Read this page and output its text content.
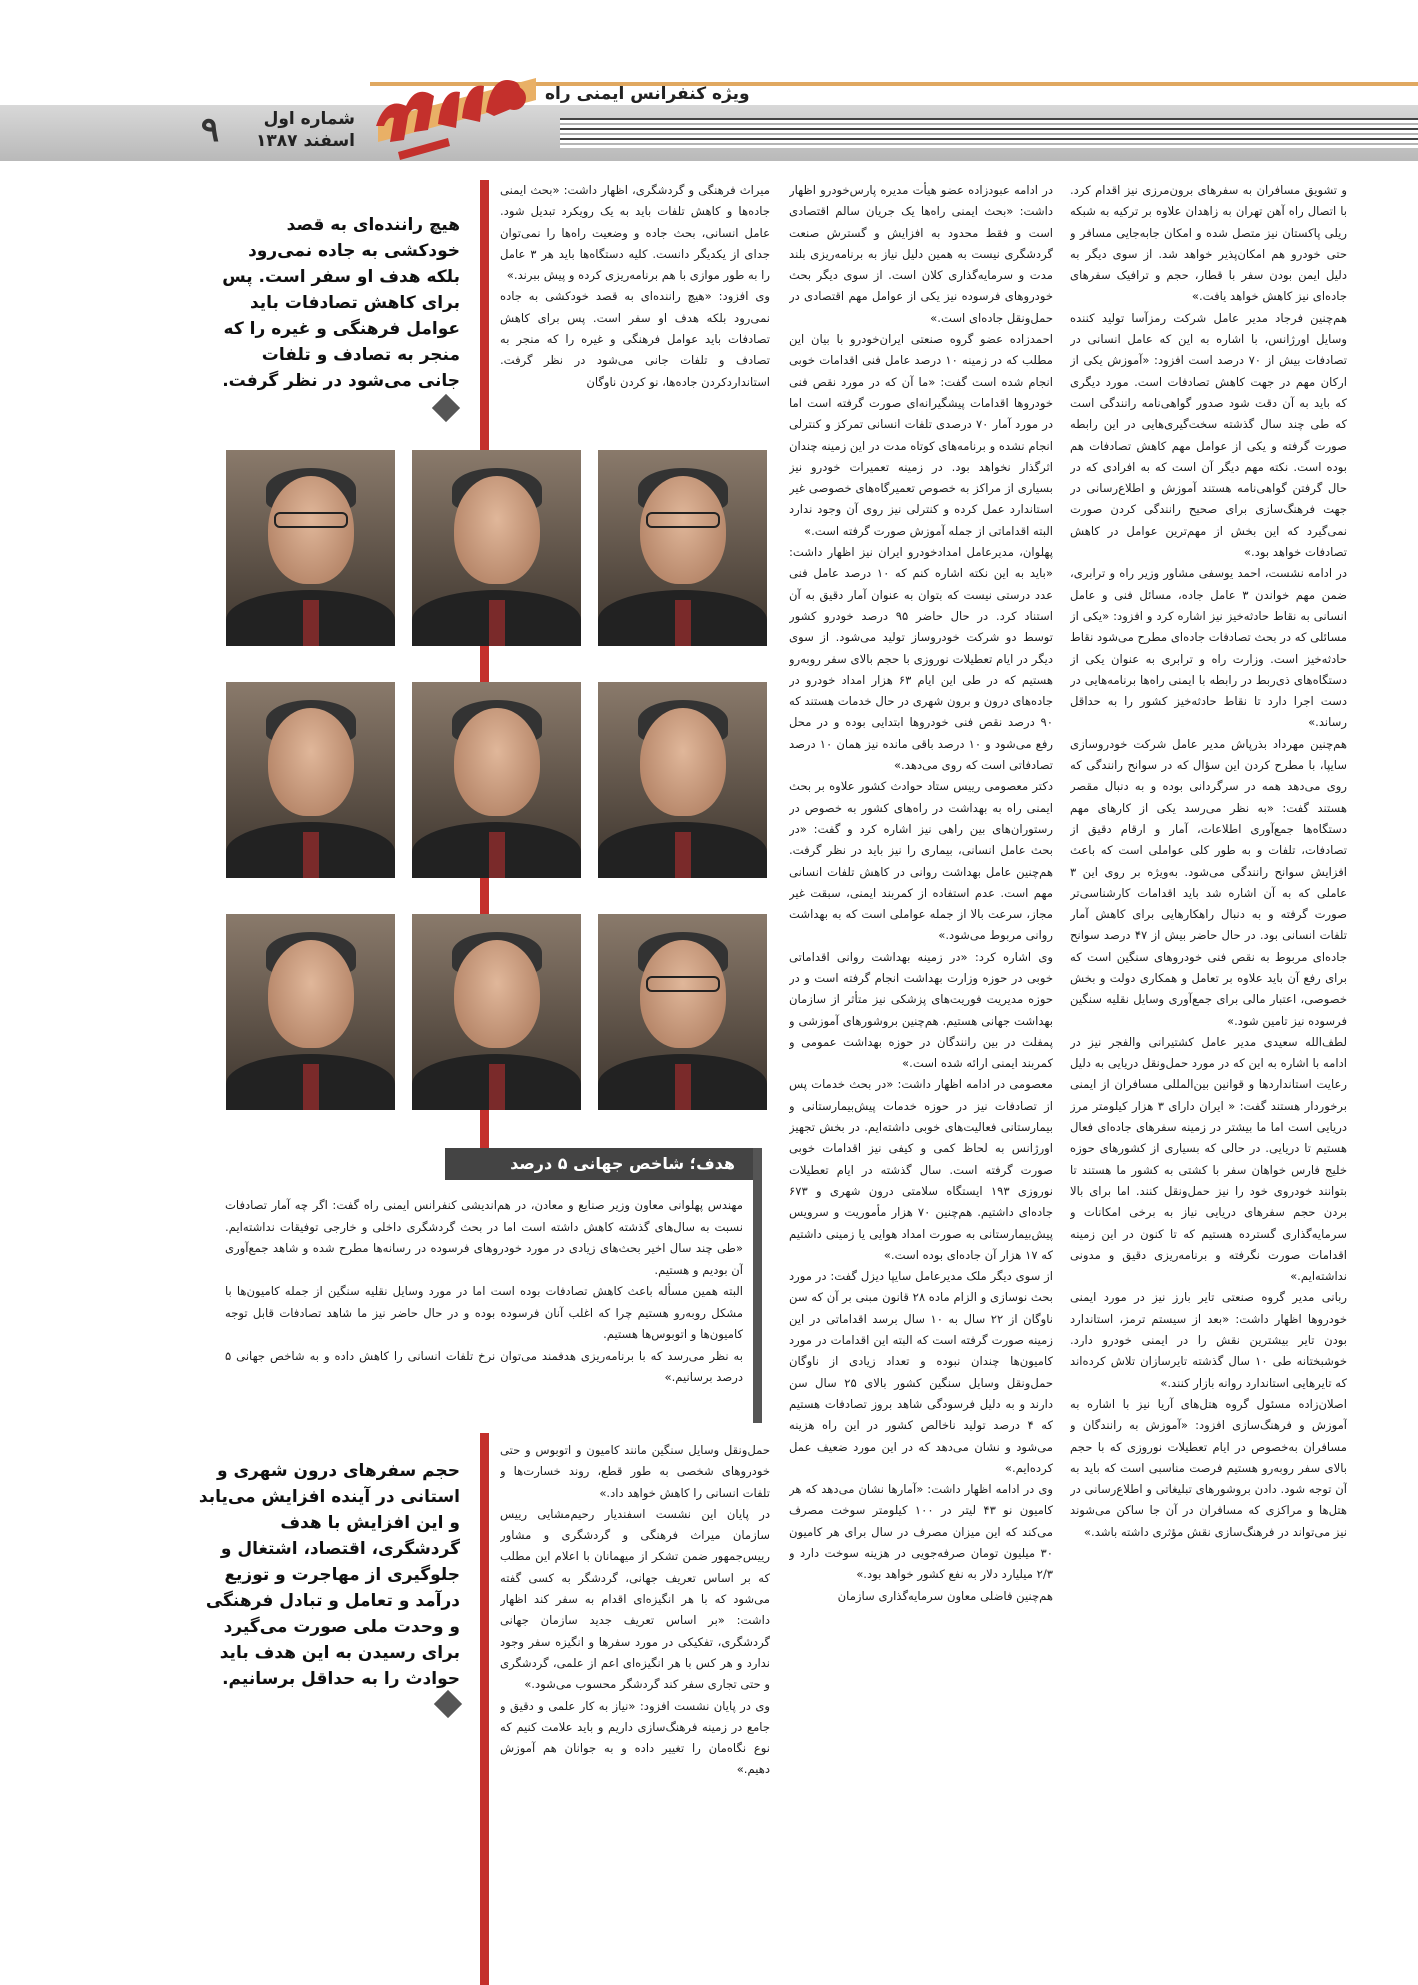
۹	شماره اول
اسفند ۱۳۸۷
ویژه کنفرانس ایمنی راه

و تشویق مسافران به سفرهای برون‌مرزی نیز اقدام کرد. با اتصال راه آهن تهران به زاهدان علاوه بر ترکیه به شبکه ریلی پاکستان نیز متصل شده و امکان جابه‌جایی مسافر و حتی خودرو هم امکان‌پذیر خواهد شد. از سوی دیگر به دلیل ایمن بودن سفر با قطار، حجم و ترافیک سفرهای جاده‌ای نیز کاهش خواهد یافت.»

هم‌چنین فرجاد مدیر عامل شرکت رمزآسا تولید کننده وسایل اورژانس، با اشاره به این که عامل انسانی در تصادفات بیش از ۷۰ درصد است افزود: «آموزش یکی از ارکان مهم در جهت کاهش تصادفات است. مورد دیگری که باید به آن دقت شود صدور گواهی‌نامه رانندگی است که طی چند سال گذشته سخت‌گیری‌هایی در این رابطه صورت گرفته و یکی از عوامل مهم کاهش تصادفات هم بوده است. نکته مهم دیگر آن است که به افرادی که در حال گرفتن گواهی‌نامه هستند آموزش و اطلاع‌رسانی در جهت فرهنگ‌سازی برای صحیح رانندگی کردن صورت نمی‌گیرد که این بخش از مهم‌ترین عوامل در کاهش تصادفات خواهد بود.»

در ادامه نشست، احمد یوسفی مشاور وزیر راه و ترابری، ضمن مهم خواندن ۳ عامل جاده، مسائل فنی و عامل انسانی به نقاط حادثه‌خیز نیز اشاره کرد و افزود: «یکی از مسائلی که در بحث تصادفات جاده‌ای مطرح می‌شود نقاط حادثه‌خیز است. وزارت راه و ترابری به عنوان یکی از دستگاه‌های ذی‌ربط در رابطه با ایمنی راه‌ها برنامه‌هایی در دست اجرا دارد تا نقاط حادثه‌خیز کشور را به حداقل رساند.»

هم‌چنین مهرداد بذرپاش مدیر عامل شرکت خودروسازی سایپا، با مطرح کردن این سؤال که در سوانح رانندگی که روی می‌دهد همه در سرگردانی بوده و به دنبال مقصر هستند گفت: «به نظر می‌رسد یکی از کارهای مهم دستگاه‌ها جمع‌آوری اطلاعات، آمار و ارقام دقیق از تصادفات، تلفات و به طور کلی عواملی است که باعث افزایش سوانح رانندگی می‌شود. به‌ویژه بر روی این ۳ عاملی که به آن اشاره شد باید اقدامات کارشناسی‌تر صورت گرفته و به دنبال راهکارهایی برای کاهش آمار تلفات انسانی بود. در حال حاضر بیش از ۴۷ درصد سوانح جاده‌ای مربوط به نقص فنی خودروهای سنگین است که برای رفع آن باید علاوه بر تعامل و همکاری دولت و بخش خصوصی، اعتبار مالی برای جمع‌آوری وسایل نقلیه سنگین فرسوده نیز تامین شود.»

لطف‌الله سعیدی مدیر عامل کشتیرانی والفجر نیز در ادامه با اشاره به این که در مورد حمل‌ونقل دریایی به دلیل رعایت استانداردها و قوانین بین‌المللی مسافران از ایمنی برخوردار هستند گفت: « ایران دارای ۳ هزار کیلومتر مرز دریایی است اما ما بیشتر در زمینه سفرهای جاده‌ای فعال هستیم تا دریایی. در حالی که بسیاری از کشورهای حوزه خلیج فارس خواهان سفر با کشتی به کشور ما هستند تا بتوانند خودروی خود را نیز حمل‌ونقل کنند. اما برای بالا بردن حجم سفرهای دریایی نیاز به برخی امکانات و سرمایه‌گذاری گسترده هستیم که تا کنون در این زمینه اقدامات صورت نگرفته و برنامه‌ریزی دقیق و مدونی نداشته‌ایم.»

ربانی مدیر گروه صنعتی تایر بارز نیز در مورد ایمنی خودروها اظهار داشت: «بعد از سیستم ترمز، استاندارد بودن تایر بیشترین نقش را در ایمنی خودرو دارد. خوشبختانه طی ۱۰ سال گذشته تایرسازان تلاش کرده‌اند که تایرهایی استاندارد روانه بازار کنند.»

اصلان‌زاده مسئول گروه هتل‌های آریا نیز با اشاره به آموزش و فرهنگ‌سازی افزود: «آموزش به رانندگان و مسافران به‌خصوص در ایام تعطیلات نوروزی که با حجم بالای سفر روبه‌رو هستیم فرصت مناسبی است که باید به آن توجه شود. دادن بروشورهای تبلیغاتی و اطلاع‌رسانی در هتل‌ها و مراکزی که مسافران در آن جا ساکن می‌شوند نیز می‌تواند در فرهنگ‌سازی نقش مؤثری داشته باشد.»

در ادامه عبودزاده عضو هیأت مدیره پارس‌خودرو اظهار داشت: «بحث ایمنی راه‌ها یک جریان سالم اقتصادی است و فقط محدود به افزایش و گسترش صنعت گردشگری نیست به همین دلیل نیاز به برنامه‌ریزی بلند مدت و سرمایه‌گذاری کلان است. از سوی دیگر بحث خودروهای فرسوده نیز یکی از عوامل مهم اقتصادی در حمل‌ونقل جاده‌ای است.»

احمدزاده عضو گروه صنعتی ایران‌خودرو با بیان این مطلب که در زمینه ۱۰ درصد عامل فنی اقدامات خوبی انجام شده است گفت: «ما آن که در مورد نقص فنی خودروها اقدامات پیشگیرانه‌ای صورت گرفته است اما در مورد آمار ۷۰ درصدی تلفات انسانی تمرکز و کنترلی انجام نشده و برنامه‌های کوتاه مدت در این زمینه چندان اثرگذار نخواهد بود. در زمینه تعمیرات خودرو نیز بسیاری از مراکز به خصوص تعمیرگاه‌های خصوصی غیر استاندارد عمل کرده و کنترلی نیز روی آن وجود ندارد البته اقداماتی از جمله آموزش صورت گرفته است.»

پهلوان، مدیرعامل امدادخودرو ایران نیز اظهار داشت: «باید به این نکته اشاره کنم که ۱۰ درصد عامل فنی عدد درستی نیست که بتوان به عنوان آمار دقیق به آن استناد کرد. در حال حاضر ۹۵ درصد خودرو کشور توسط دو شرکت خودروساز تولید می‌شود. از سوی دیگر در ایام تعطیلات نوروزی با حجم بالای سفر روبه‌رو هستیم که در طی این ایام ۶۳ هزار امداد خودرو در جاده‌های درون و برون شهری در حال خدمات هستند که ۹۰ درصد نقص فنی خودروها ابتدایی بوده و در محل رفع می‌شود و ۱۰ درصد باقی مانده نیز همان ۱۰ درصد تصادفاتی است که روی می‌دهد.»

دکتر معصومی رییس ستاد حوادث کشور علاوه بر بحث ایمنی راه به بهداشت در راه‌های کشور به خصوص در رستوران‌های بین راهی نیز اشاره کرد و گفت: «در بحث عامل انسانی، بیماری را نیز باید در نظر گرفت. هم‌چنین عامل بهداشت روانی در کاهش تلفات انسانی مهم است. عدم استفاده از کمربند ایمنی، سبقت غیر مجاز، سرعت بالا از جمله عواملی است که به بهداشت روانی مربوط می‌شود.»

وی اشاره کرد: «در زمینه بهداشت روانی اقداماتی خوبی در حوزه وزارت بهداشت انجام گرفته است و در حوزه مدیریت فوریت‌های پزشکی نیز متأثر از سازمان بهداشت جهانی هستیم. هم‌چنین بروشورهای آموزشی و پمفلت در بین رانندگان در حوزه بهداشت عمومی و کمربند ایمنی ارائه شده است.»

معصومی در ادامه اظهار داشت: «در بحث خدمات پس از تصادفات نیز در حوزه خدمات پیش‌بیمارستانی و بیمارستانی فعالیت‌های خوبی داشته‌ایم. در بخش تجهیز اورژانس به لحاظ کمی و کیفی نیز اقدامات خوبی صورت گرفته است. سال گذشته در ایام تعطیلات نوروزی ۱۹۳ ایستگاه سلامتی درون شهری و ۶۷۳ جاده‌ای داشتیم. هم‌چنین ۷۰ هزار مأموریت و سرویس پیش‌بیمارستانی به صورت امداد هوایی یا زمینی داشتیم که ۱۷ هزار آن جاده‌ای بوده است.»

از سوی دیگر ملک مدیرعامل سایپا دیزل گفت: در مورد بحث نوسازی و الزام ماده ۲۸ قانون مبنی بر آن که سن ناوگان از ۲۲ سال به ۱۰ سال برسد اقداماتی در این زمینه صورت گرفته است که البته این اقدامات در مورد کامیون‌ها چندان نبوده و تعداد زیادی از ناوگان حمل‌ونقل وسایل سنگین کشور بالای ۲۵ سال سن دارند و به دلیل فرسودگی شاهد بروز تصادفات هستیم که ۴ درصد تولید ناخالص کشور در این راه هزینه می‌شود و نشان می‌دهد که در این مورد ضعیف عمل کرده‌ایم.»

وی در ادامه اظهار داشت: «آمارها نشان می‌دهد که هر کامیون نو ۴۳ لیتر در ۱۰۰ کیلومتر سوخت مصرف می‌کند که این میزان مصرف در سال برای هر کامیون ۳۰ میلیون تومان صرفه‌جویی در هزینه سوخت دارد و ۲/۳ میلیارد دلار به نفع کشور خواهد بود.»

هم‌چنین فاضلی معاون سرمایه‌گذاری سازمان

میراث فرهنگی و گردشگری، اظهار داشت: «بحث ایمنی جاده‌ها و کاهش تلفات باید به یک رویکرد تبدیل شود. عامل انسانی، بحث جاده و وضعیت راه‌ها را نمی‌توان جدای از یکدیگر دانست. کلیه دستگاه‌ها باید هر ۳ عامل را به طور موازی با هم برنامه‌ریزی کرده و پیش ببرند.»

وی افزود: «هیچ راننده‌ای به قصد خودکشی به جاده نمی‌رود بلکه هدف او سفر است. پس برای کاهش تصادفات باید عوامل فرهنگی و غیره را که منجر به تصادف و تلفات جانی می‌شود در نظر گرفت. استانداردکردن جاده‌ها، نو کردن ناوگان

هیچ راننده‌ای به قصد خودکشی به جاده نمی‌رود بلکه هدف او سفر است. پس برای کاهش تصادفات باید عوامل فرهنگی و غیره را که منجر به تصادف و تلفات جانی می‌شود در نظر گرفت.
هدف؛ شاخص جهانی ۵ درصد

مهندس پهلوانی معاون وزیر صنایع و معادن، در هم‌اندیشی کنفرانس ایمنی راه گفت: اگر چه آمار تصادفات نسبت به سال‌های گذشته کاهش داشته است اما در بحث گردشگری داخلی و خارجی توفیقات نداشته‌ایم. «طی چند سال اخیر بحث‌های زیادی در مورد خودروهای فرسوده در رسانه‌ها مطرح شده و شاهد جمع‌آوری آن بودیم و هستیم.

البته همین مسأله باعث کاهش تصادفات بوده است اما در مورد وسایل نقلیه سنگین از جمله کامیون‌ها با مشکل روبه‌رو هستیم چرا که اغلب آنان فرسوده بوده و در حال حاضر نیز ما شاهد تصادفات قابل توجه کامیون‌ها و اتوبوس‌ها هستیم.

به نظر می‌رسد که با برنامه‌ریزی هدفمند می‌توان نرخ تلفات انسانی را کاهش داده و به شاخص جهانی ۵ درصد برسانیم.»

حمل‌ونقل وسایل سنگین مانند کامیون و اتوبوس و حتی خودروهای شخصی به طور قطع، روند خسارت‌ها و تلفات انسانی را کاهش خواهد داد.»

در پایان این نشست اسفندیار رحیم‌مشایی رییس سازمان میراث فرهنگی و گردشگری و مشاور رییس‌جمهور ضمن تشکر از میهمانان با اعلام این مطلب که بر اساس تعریف جهانی، گردشگر به کسی گفته می‌شود که با هر انگیزه‌ای اقدام به سفر کند اظهار داشت: «بر اساس تعریف جدید سازمان جهانی گردشگری، تفکیکی در مورد سفرها و انگیزه سفر وجود ندارد و هر کس با هر انگیزه‌ای اعم از علمی، گردشگری و حتی تجاری سفر کند گردشگر محسوب می‌شود.»

وی در پایان نشست افزود: «نیاز به کار علمی و دقیق و جامع در زمینه فرهنگ‌سازی داریم و باید علامت کنیم که نوع نگاه‌مان را تغییر داده و به جوانان هم آموزش دهیم.»

حجم سفرهای درون شهری و استانی در آینده افزایش می‌یابد و این افزایش با هدف گردشگری، اقتصاد، اشتغال و جلوگیری از مهاجرت و توزیع درآمد و تعامل و تبادل فرهنگی و وحدت ملی صورت می‌گیرد برای رسیدن به این هدف باید حوادث را به حداقل برسانیم.
